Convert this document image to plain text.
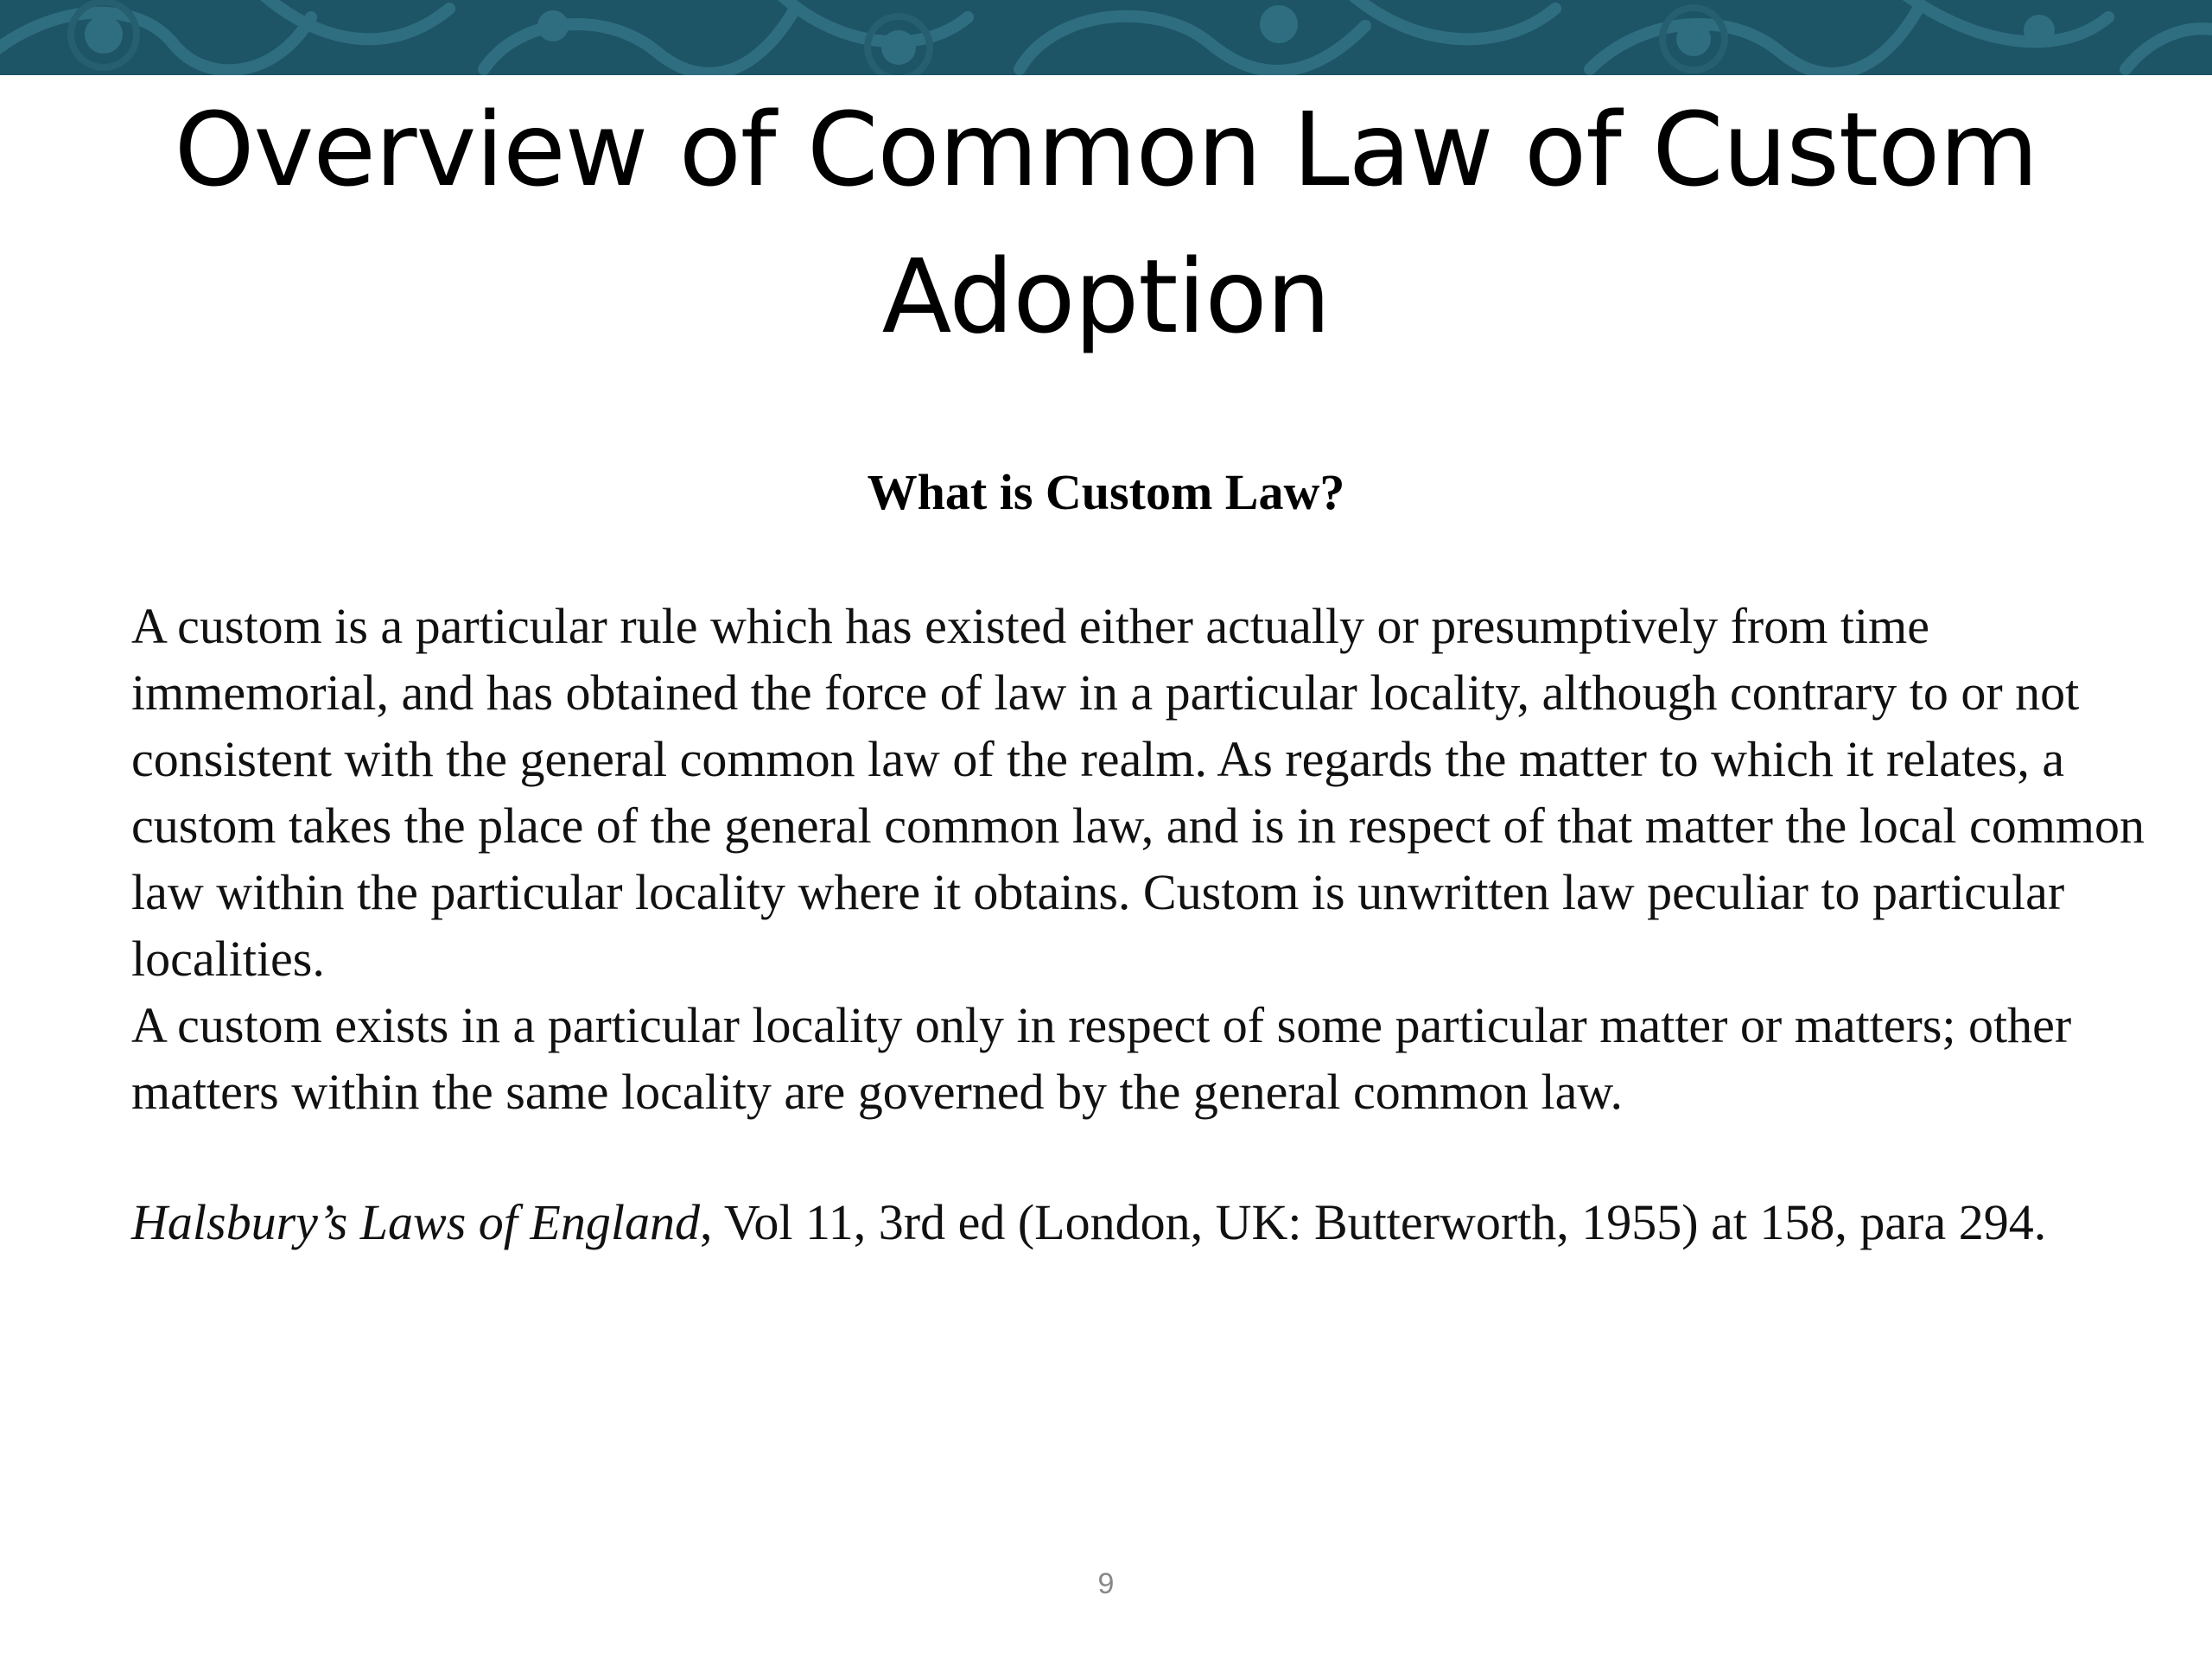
Overview of Common Law of Custom Adoption
What is Custom Law?

A custom is a particular rule which has existed either actually or presumptively from time immemorial, and has obtained the force of law in a particular locality, although contrary to or not consistent with the general common law of the realm. As regards the matter to which it relates, a custom takes the place of the general common law, and is in respect of that matter the local common law within the particular locality where it obtains. Custom is unwritten law peculiar to particular localities.

A custom exists in a particular locality only in respect of some particular matter or matters; other matters within the same locality are governed by the general common law.

Halsbury’s Laws of England, Vol 11, 3rd ed (London, UK: Butterworth, 1955) at 158, para 294.

9
